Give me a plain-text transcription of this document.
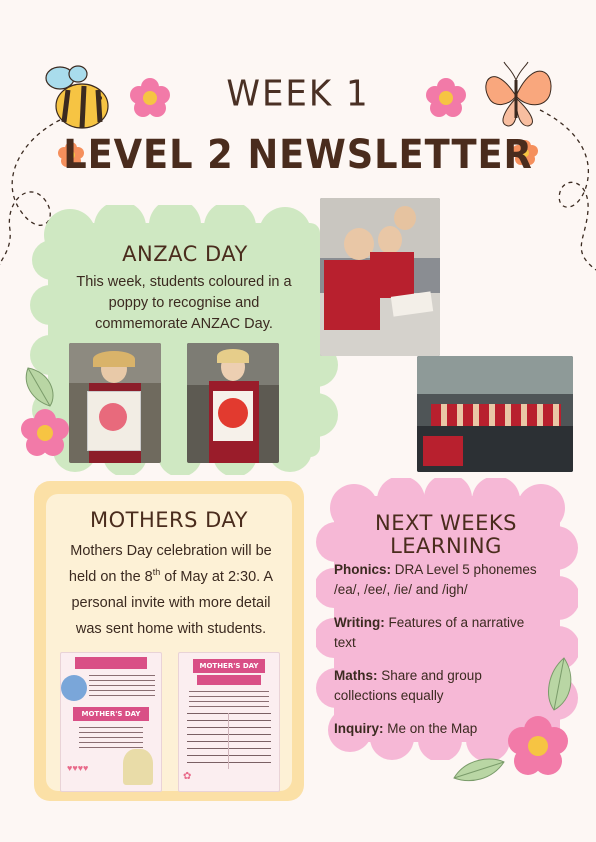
WEEK 1
LEVEL 2 NEWSLETTER
ANZAC DAY
This week, students coloured in a poppy to recognise and commemorate ANZAC Day.
MOTHERS DAY
Mothers Day celebration will be held on the 8th of May at 2:30. A personal invite with more detail was sent home with students.
MOTHER'S DAY
♥♥♥♥
MOTHER'S DAY
✿
NEXT WEEKS LEARNING
Phonics: DRA Level 5 phonemes /ea/, /ee/, /ie/ and /igh/
Writing: Features of a narrative text
Maths: Share and group collections equally
Inquiry: Me on the Map
